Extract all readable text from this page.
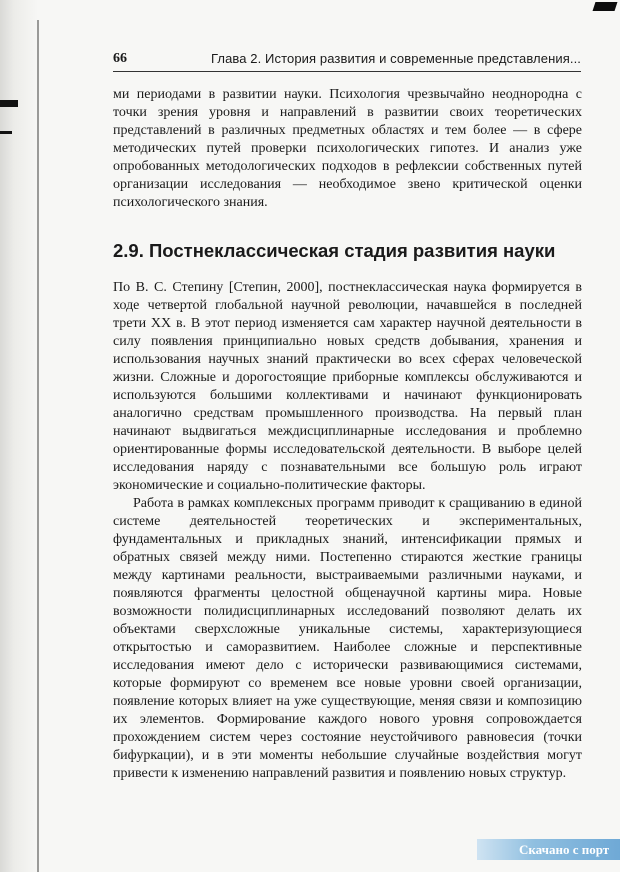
66	Глава 2. История развития и современные представления...

ми периодами в развитии науки. Психология чрезвычайно неоднородна с точки зрения уровня и направлений в развитии своих теоретических представлений в различных предметных областях и тем более — в сфере методических путей проверки психологических гипотез. И анализ уже опробованных методологических подходов в рефлексии собственных путей организации исследования — необходимое звено критической оценки психологического знания.

2.9. Постнеклассическая стадия развития науки

По В. С. Степину [Степин, 2000], постнеклассическая наука формируется в ходе четвертой глобальной научной революции, начавшейся в последней трети XX в. В этот период изменяется сам характер научной деятельности в силу появления принципиально новых средств добывания, хранения и использования научных знаний практически во всех сферах человеческой жизни. Сложные и дорогостоящие приборные комплексы обслуживаются и используются большими коллективами и начинают функционировать аналогично средствам промышленного производства. На первый план начинают выдвигаться междисциплинарные исследования и проблемно ориентированные формы исследовательской деятельности. В выборе целей исследования наряду с познавательными все большую роль играют экономические и социально-политические факторы.

Работа в рамках комплексных программ приводит к сращиванию в единой системе деятельностей теоретических и экспериментальных, фундаментальных и прикладных знаний, интенсификации прямых и обратных связей между ними. Постепенно стираются жесткие границы между картинами реальности, выстраиваемыми различными науками, и появляются фрагменты целостной общенаучной картины мира. Новые возможности полидисциплинарных исследований позволяют делать их объектами сверхсложные уникальные системы, характеризующиеся открытостью и саморазвитием. Наиболее сложные и перспективные исследования имеют дело с исторически развивающимися системами, которые формируют со временем все новые уровни своей организации, появление которых влияет на уже существующие, меняя связи и композицию их элементов. Формирование каждого нового уровня сопровождается прохождением систем через состояние неустойчивого равновесия (точки бифуркации), и в эти моменты небольшие случайные воздействия могут привести к изменению направлений развития и появлению новых структур.

Скачано с порт
